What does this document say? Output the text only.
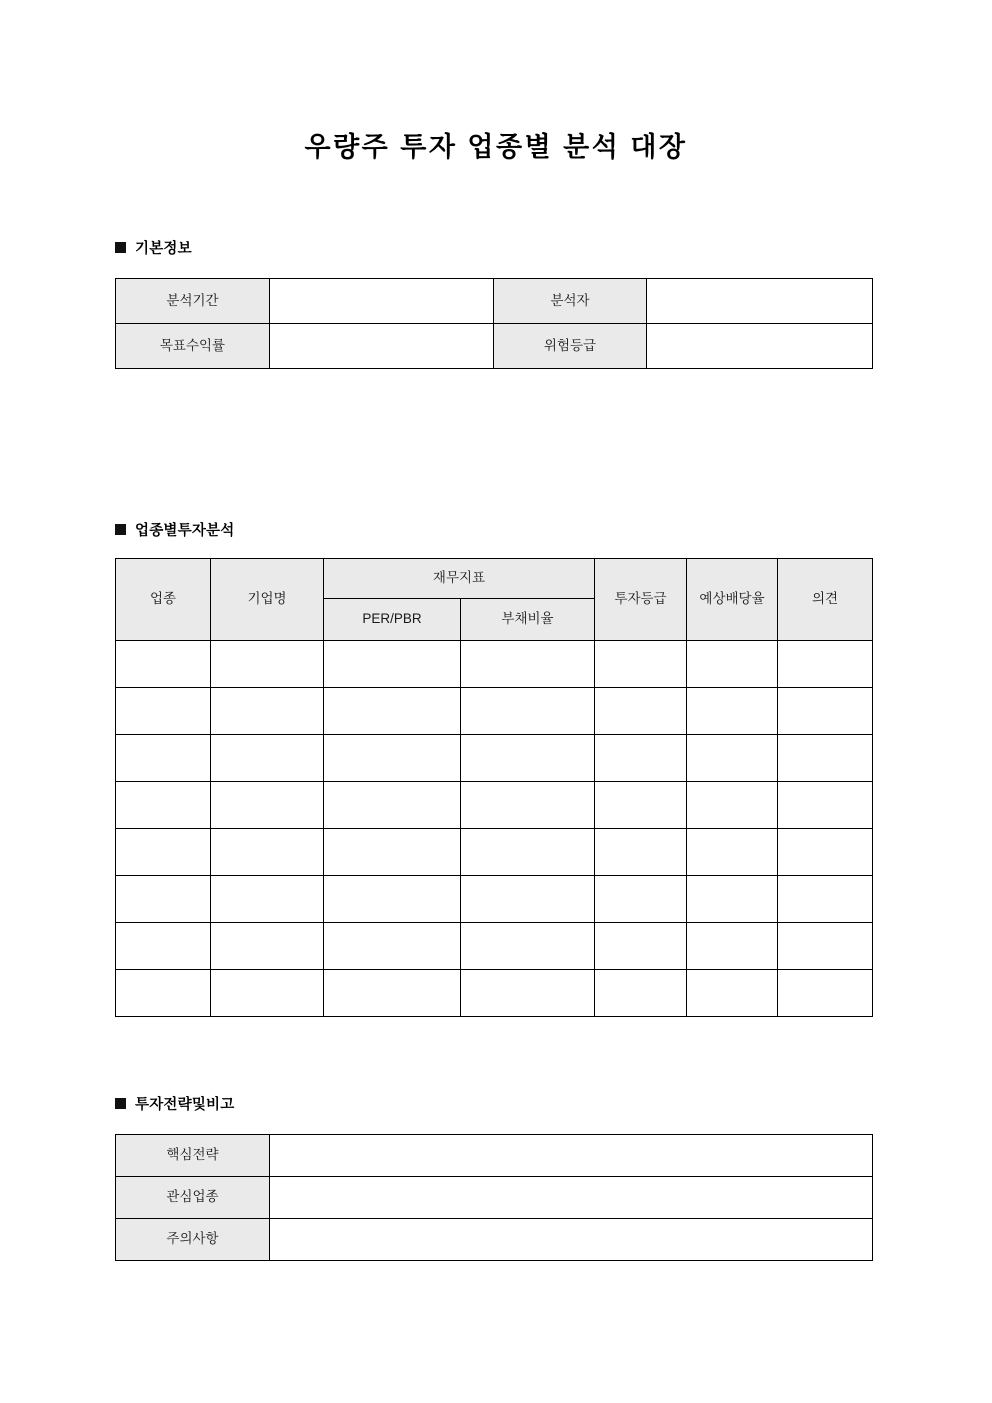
우량주 투자 업종별 분석 대장
기본정보
분석기간		분석자	
목표수익률		위험등급	
업종별투자분석
업종	기업명	재무지표		투자등급	예상배당율	의견
		PER/PBR	부채비율			

투자전략및비고
핵심전략	
관심업종	
주의사항	
